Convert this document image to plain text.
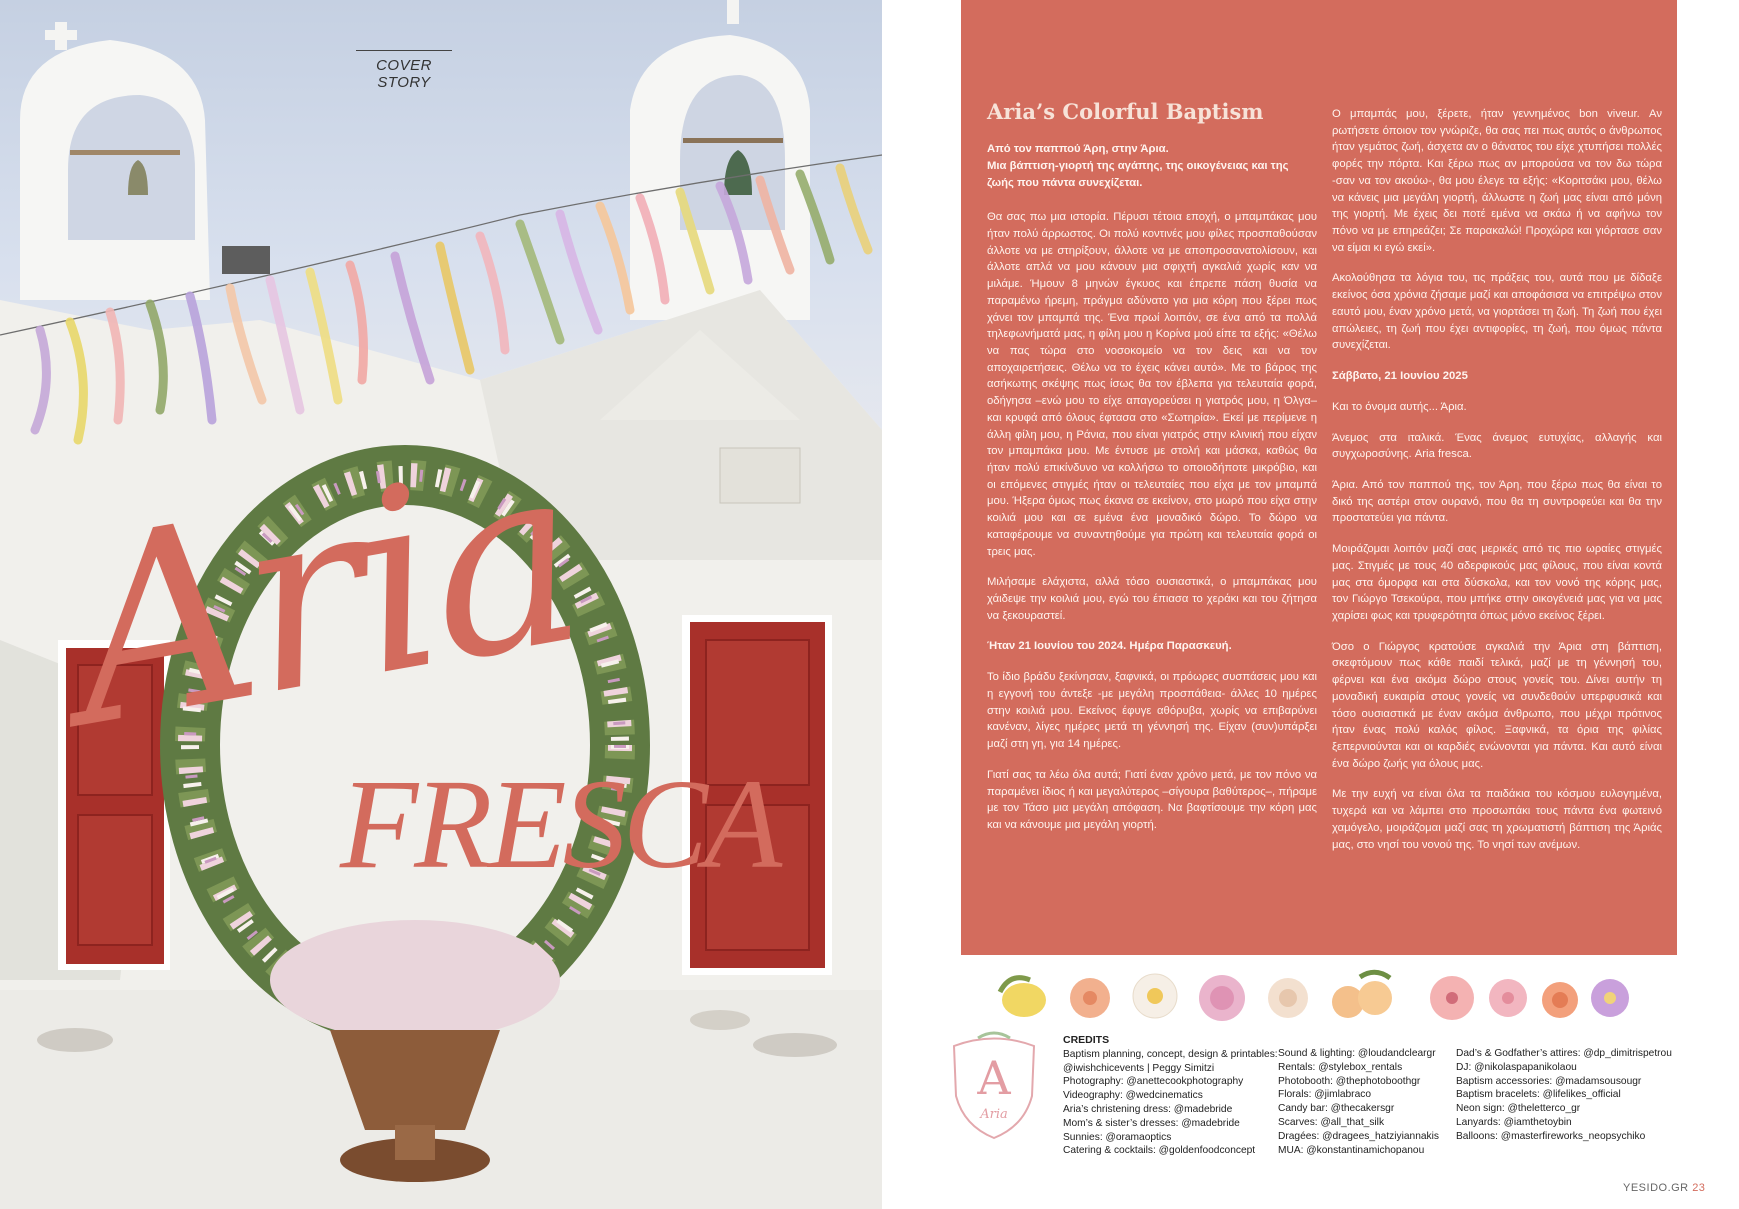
COVER STORY
Aria
FRESCA
Aria’s Colorful Baptism
Από τον παππού Άρη, στην Άρια.
Μια βάπτιση-γιορτή της αγάπης, της οικογένειας και της ζωής που πάντα συνεχίζεται.

Θα σας πω μια ιστορία. Πέρυσι τέτοια εποχή, ο μπαμπάκας μου ήταν πολύ άρρωστος. Οι πολύ κοντινές μου φίλες προσπαθούσαν άλλοτε να με στηρίξουν, άλλοτε να με αποπροσανατολίσουν, και άλλοτε απλά να μου κάνουν μια σφιχτή αγκαλιά χωρίς καν να μιλάμε. Ήμουν 8 μηνών έγκυος και έπρεπε πάση θυσία να παραμένω ήρεμη, πράγμα αδύνατο για μια κόρη που ξέρει πως χάνει τον μπαμπά της. Ένα πρωί λοιπόν, σε ένα από τα πολλά τηλεφωνήματά μας, η φίλη μου η Κορίνα μού είπε τα εξής: «Θέλω να πας τώρα στο νοσοκομείο να τον δεις και να τον αποχαιρετήσεις. Θέλω να το έχεις κάνει αυτό». Με το βάρος της ασήκωτης σκέψης πως ίσως θα τον έβλεπα για τελευταία φορά, οδήγησα –ενώ μου το είχε απαγορεύσει η γιατρός μου, η Όλγα– και κρυφά από όλους έφτασα στο «Σωτηρία». Εκεί με περίμενε η άλλη φίλη μου, η Ράνια, που είναι γιατρός στην κλινική που είχαν τον μπαμπάκα μου. Με έντυσε με στολή και μάσκα, καθώς θα ήταν πολύ επικίνδυνο να κολλήσω το οποιοδήποτε μικρόβιο, και οι επόμενες στιγμές ήταν οι τελευταίες που είχα με τον μπαμπά μου. Ήξερα όμως πως έκανα σε εκείνον, στο μωρό που είχα στην κοιλιά μου και σε εμένα ένα μοναδικό δώρο. Το δώρο να καταφέρουμε να συναντηθούμε για πρώτη και τελευταία φορά οι τρεις μας.

Μιλήσαμε ελάχιστα, αλλά τόσο ουσιαστικά, ο μπαμπάκας μου χάιδεψε την κοιλιά μου, εγώ του έπιασα το χεράκι και του ζήτησα να ξεκουραστεί.

Ήταν 21 Ιουνίου του 2024. Ημέρα Παρασκευή.

Το ίδιο βράδυ ξεκίνησαν, ξαφνικά, οι πρόωρες συσπάσεις μου και η εγγονή του άντεξε -με μεγάλη προσπάθεια- άλλες 10 ημέρες στην κοιλιά μου. Εκείνος έφυγε αθόρυβα, χωρίς να επιβαρύνει κανέναν, λίγες ημέρες μετά τη γέννησή της. Είχαν (συν)υπάρξει μαζί στη γη, για 14 ημέρες.

Γιατί σας τα λέω όλα αυτά; Γιατί έναν χρόνο μετά, με τον πόνο να παραμένει ίδιος ή και μεγαλύτερος –σίγουρα βαθύτερος–, πήραμε με τον Τάσο μια μεγάλη απόφαση. Να βαφτίσουμε την κόρη μας και να κάνουμε μια μεγάλη γιορτή.

Ο μπαμπάς μου, ξέρετε, ήταν γεννημένος bon viveur. Αν ρωτήσετε όποιον τον γνώριζε, θα σας πει πως αυτός ο άνθρωπος ήταν γεμάτος ζωή, άσχετα αν ο θάνατος του είχε χτυπήσει πολλές φορές την πόρτα. Και ξέρω πως αν μπορούσα να τον δω τώρα -σαν να τον ακούω-, θα μου έλεγε τα εξής: «Κοριτσάκι μου, θέλω να κάνεις μια μεγάλη γιορτή, άλλωστε η ζωή μας είναι από μόνη της γιορτή. Με έχεις δει ποτέ εμένα να σκάω ή να αφήνω τον πόνο να με επηρεάζει; Σε παρακαλώ! Προχώρα και γιόρτασε σαν να είμαι κι εγώ εκεί».

Ακολούθησα τα λόγια του, τις πράξεις του, αυτά που με δίδαξε εκείνος όσα χρόνια ζήσαμε μαζί και αποφάσισα να επιτρέψω στον εαυτό μου, έναν χρόνο μετά, να γιορτάσει τη ζωή. Τη ζωή που έχει απώλειες, τη ζωή που έχει αντιφορίες, τη ζωή, που όμως πάντα συνεχίζεται.

Σάββατο, 21 Ιουνίου 2025

Και το όνομα αυτής... Άρια.

Άνεμος στα ιταλικά. Ένας άνεμος ευτυχίας, αλλαγής και συγχωροσύνης. Aria fresca.

Άρια. Από τον παππού της, τον Άρη, που ξέρω πως θα είναι το δικό της αστέρι στον ουρανό, που θα τη συντροφεύει και θα την προστατεύει για πάντα.

Μοιράζομαι λοιπόν μαζί σας μερικές από τις πιο ωραίες στιγμές μας. Στιγμές με τους 40 αδερφικούς μας φίλους, που είναι κοντά μας στα όμορφα και στα δύσκολα, και τον νονό της κόρης μας, τον Γιώργο Τσεκούρα, που μπήκε στην οικογένειά μας για να μας χαρίσει φως και τρυφερότητα όπως μόνο εκείνος ξέρει.

Όσο ο Γιώργος κρατούσε αγκαλιά την Άρια στη βάπτιση, σκεφτόμουν πως κάθε παιδί τελικά, μαζί με τη γέννησή του, φέρνει και ένα ακόμα δώρο στους γονείς του. Δίνει αυτήν τη μοναδική ευκαιρία στους γονείς να συνδεθούν υπερφυσικά και τόσο ουσιαστικά με έναν ακόμα άνθρωπο, που μέχρι πρότινος ήταν ένας πολύ καλός φίλος. Ξαφνικά, τα όρια της φιλίας ξεπερνιούνται και οι καρδιές ενώνονται για πάντα. Και αυτό είναι ένα δώρο ζωής για όλους μας.

Με την ευχή να είναι όλα τα παιδάκια του κόσμου ευλογημένα, τυχερά και να λάμπει στο προσωπάκι τους πάντα ένα φωτεινό χαμόγελο, μοιράζομαι μαζί σας τη χρωματιστή βάπτιση της Άριάς μας, στο νησί του νονού της. Το νησί των ανέμων.

A
Aria
CREDITS
Baptism planning, concept, design & printables:
@iwishchicevents | Peggy Simitzi
Photography: @anettecookphotography
Videography: @wedcinematics
Aria’s christening dress: @madebride
Mom’s & sister’s dresses: @madebride
Sunnies: @oramaoptics
Catering & cocktails: @goldenfoodconcept
Sound & lighting: @loudandcleargr
Rentals: @stylebox_rentals
Photobooth: @thephotoboothgr
Florals: @jimlabraco
Candy bar: @thecakersgr
Scarves: @all_that_silk
Dragées: @dragees_hatziyiannakis
MUA: @konstantinamichopanou
Dad’s & Godfather’s attires: @dp_dimitrispetrou
DJ: @nikolaspapanikolaou
Baptism accessories: @madamsousougr
Baptism bracelets: @lifelikes_official
Neon sign: @theletterco_gr
Lanyards: @iamthetoybin
Balloons: @masterfireworks_neopsychiko
YESIDO.GR 23
